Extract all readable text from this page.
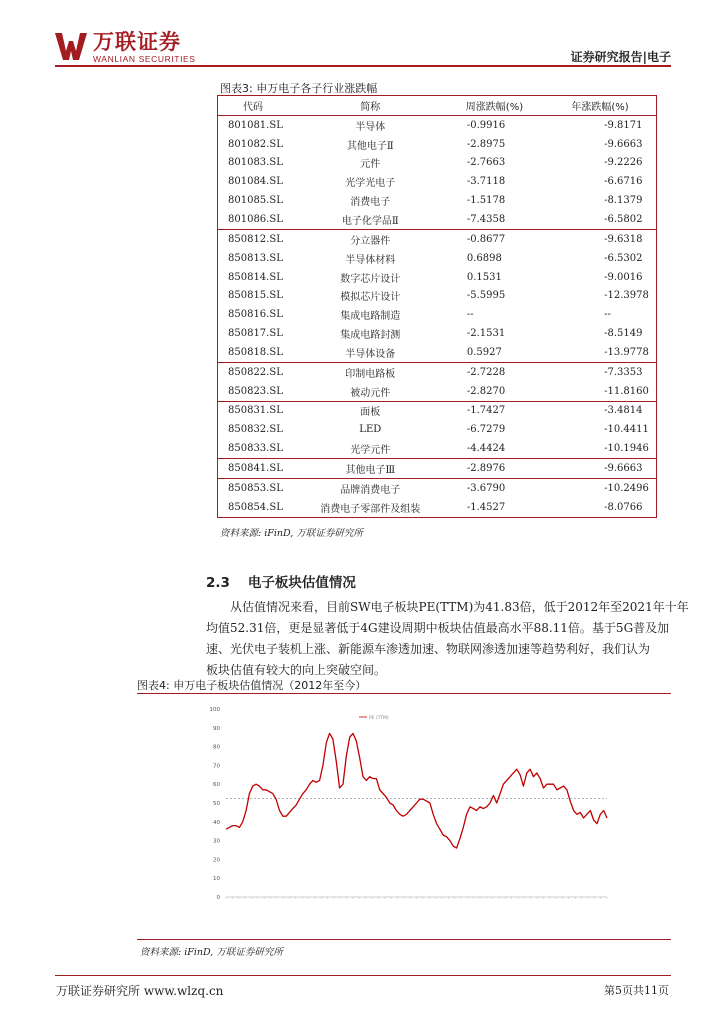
万联证券
WANLIAN SECURITIES	证券研究报告|电子
图表3: 申万电子各子行业涨跌幅
代码	简称	周涨跌幅(%)	年涨跌幅(%)
801081.SL	半导体	-0.9916	-9.8171
801082.SL	其他电子Ⅱ	-2.8975	-9.6663
801083.SL	元件	-2.7663	-9.2226
801084.SL	光学光电子	-3.7118	-6.6716
801085.SL	消费电子	-1.5178	-8.1379
801086.SL	电子化学品Ⅱ	-7.4358	-6.5802
850812.SL	分立器件	-0.8677	-9.6318
850813.SL	半导体材料	0.6898	-6.5302
850814.SL	数字芯片设计	0.1531	-9.0016
850815.SL	模拟芯片设计	-5.5995	-12.3978
850816.SL	集成电路制造	--	--
850817.SL	集成电路封测	-2.1531	-8.5149
850818.SL	半导体设备	0.5927	-13.9778
850822.SL	印制电路板	-2.7228	-7.3353
850823.SL	被动元件	-2.8270	-11.8160
850831.SL	面板	-1.7427	-3.4814
850832.SL	LED	-6.7279	-10.4411
850833.SL	光学元件	-4.4424	-10.1946
850841.SL	其他电子Ⅲ	-2.8976	-9.6663
850853.SL	品牌消费电子	-3.6790	-10.2496
850854.SL	消费电子零部件及组装	-1.4527	-8.0766
资料来源: iFinD, 万联证券研究所
2.3 电子板块估值情况
从估值情况来看，目前SW电子板块PE(TTM)为41.83倍，低于2012年至2021年十年
均值52.31倍，更是显著低于4G建设周期中板块估值最高水平88.11倍。基于5G普及加
速、光伏电子装机上涨、新能源车渗透加速、物联网渗透加速等趋势利好，我们认为
板块估值有较大的向上突破空间。
图表4: 申万电子板块估值情况（2012年至今）
0
10
20
30
40
50
60
70
80
90
100
PE (TTM)
资料来源: iFinD, 万联证券研究所
万联证券研究所 www.wlzq.cn	第5页共11页
